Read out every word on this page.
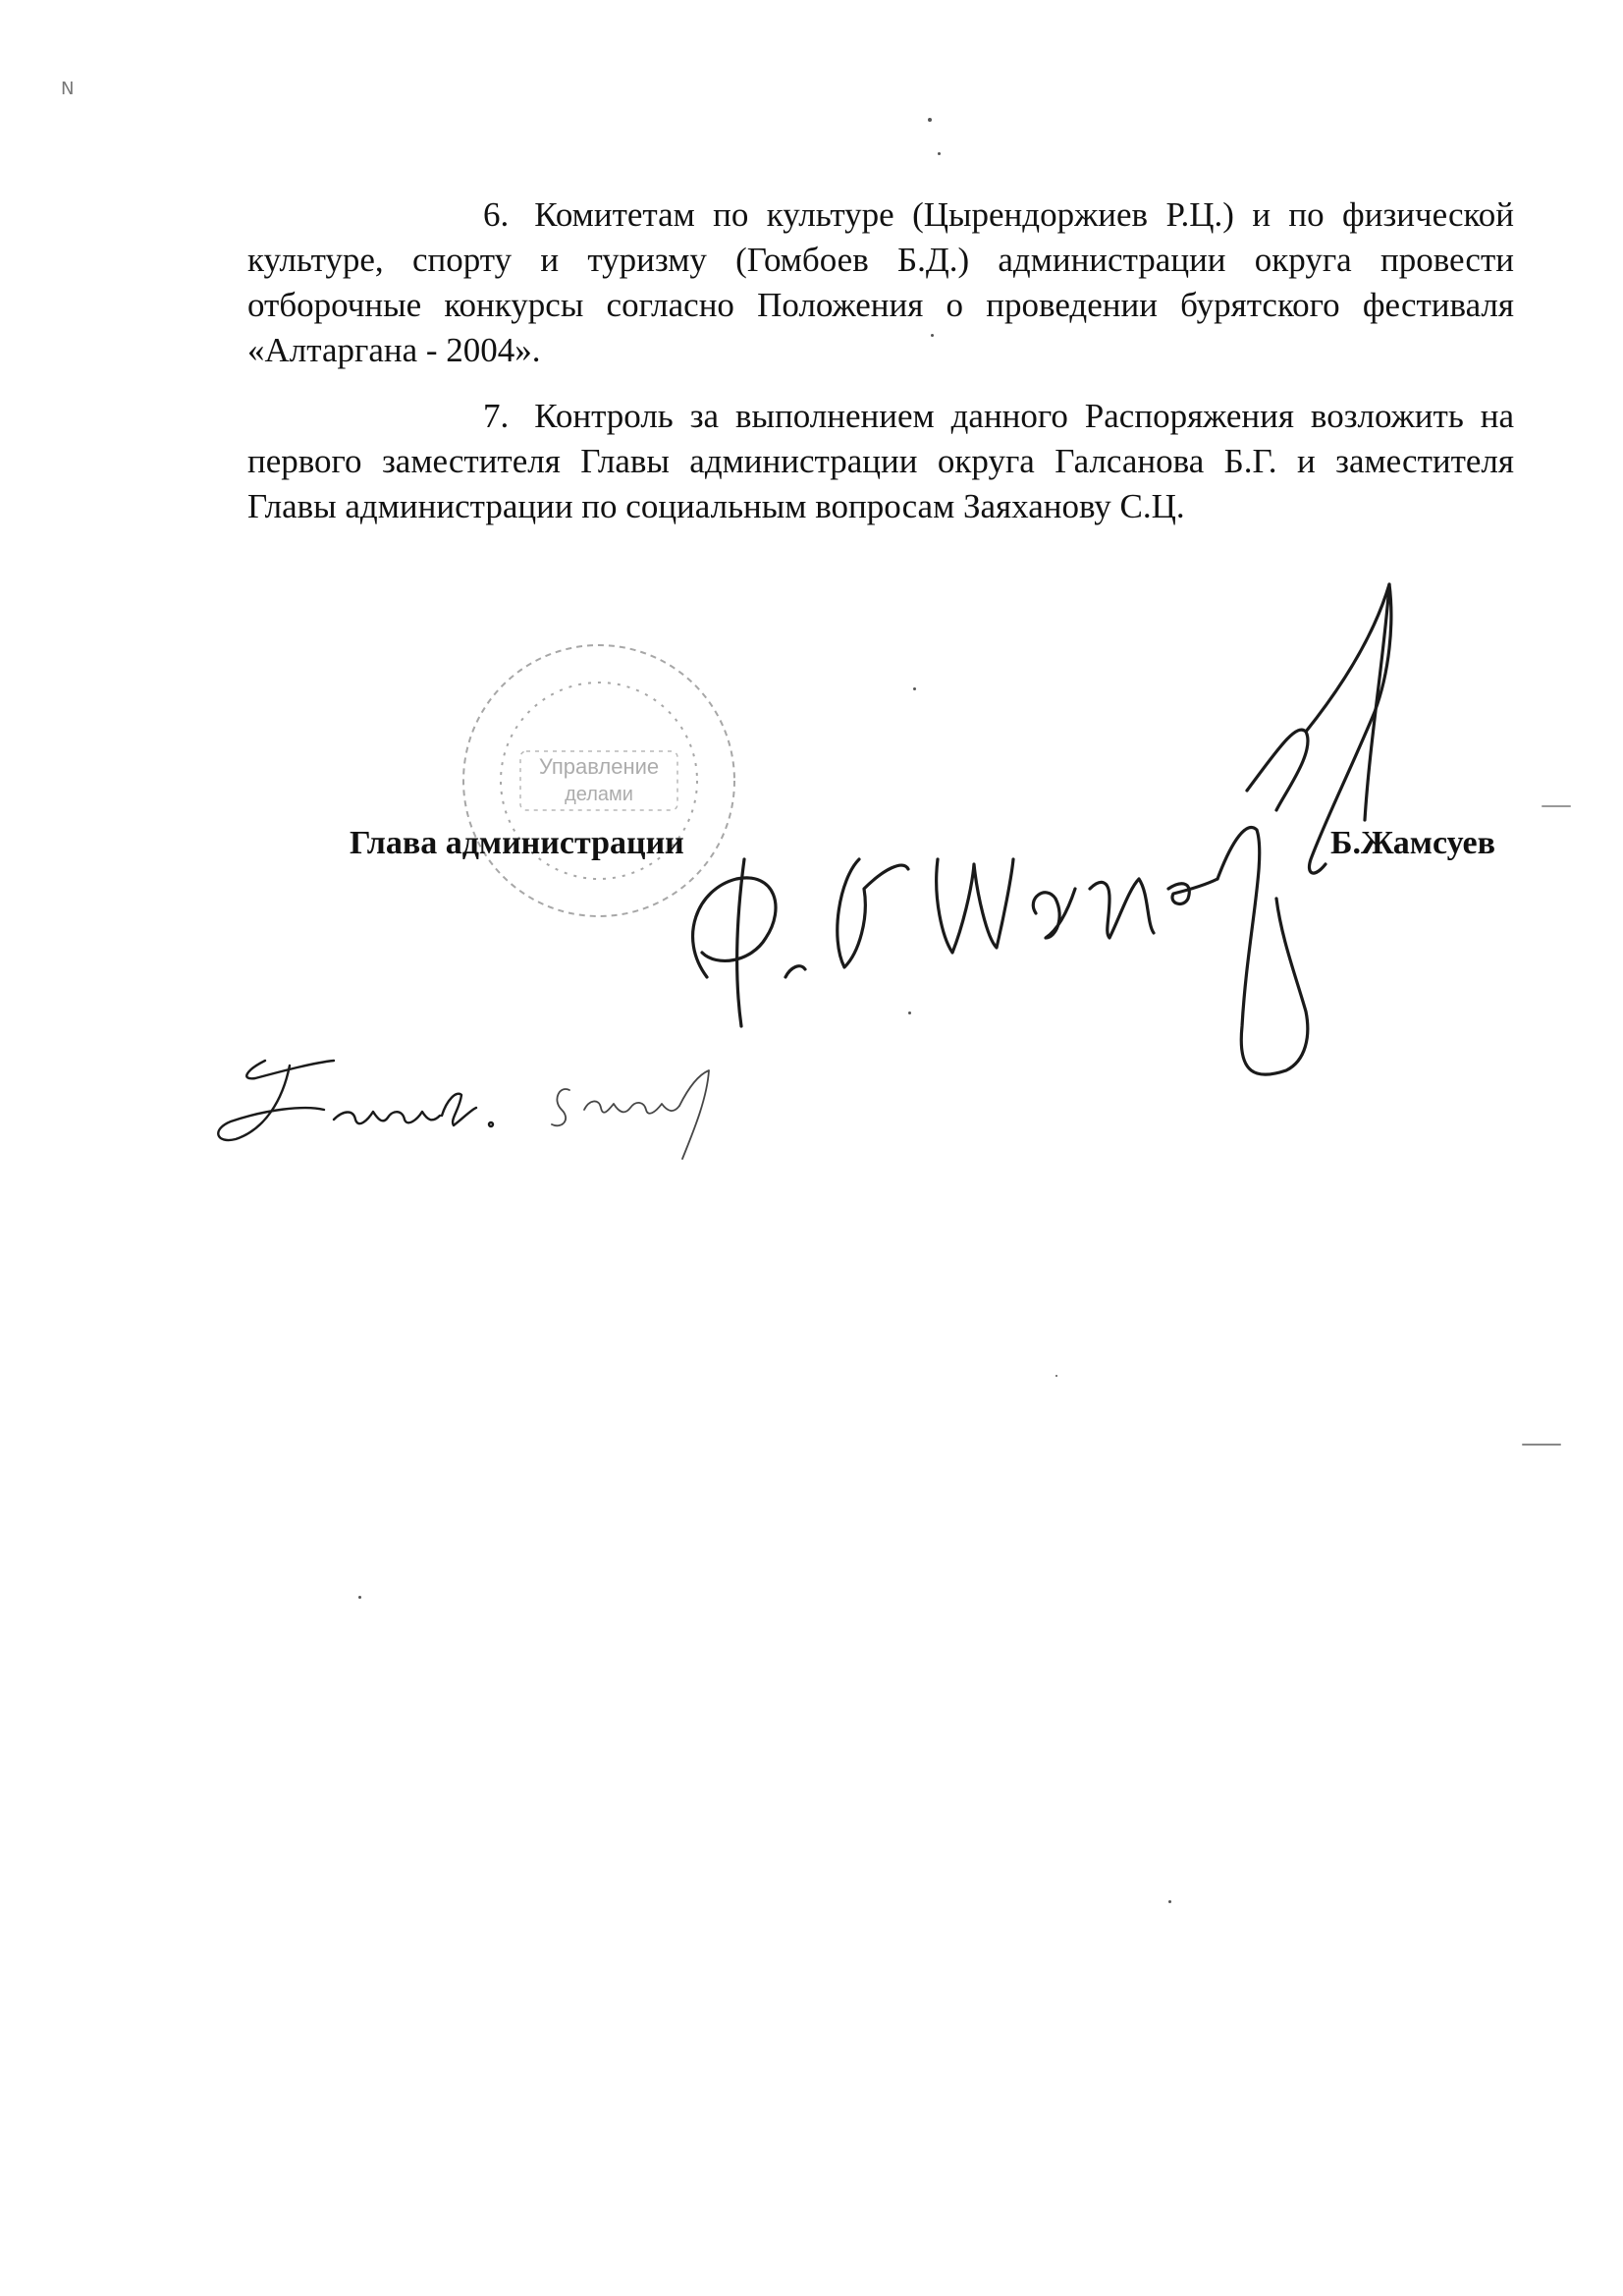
N

6. Комитетам по культуре (Цырендоржиев Р.Ц.) и по физической культуре, спорту и туризму (Гомбоев Б.Д.) администрации округа провести отборочные конкурсы согласно Положения о проведении бурятского фестиваля «Алтаргана - 2004».

7. Контроль за выполнением данного Распоряжения возложить на первого заместителя Главы администрации округа Галсанова Б.Г. и заместителя Главы администрации по социальным вопросам Заяханову С.Ц.

Управление
делами
Глава администрации	Б.Жамсуев
